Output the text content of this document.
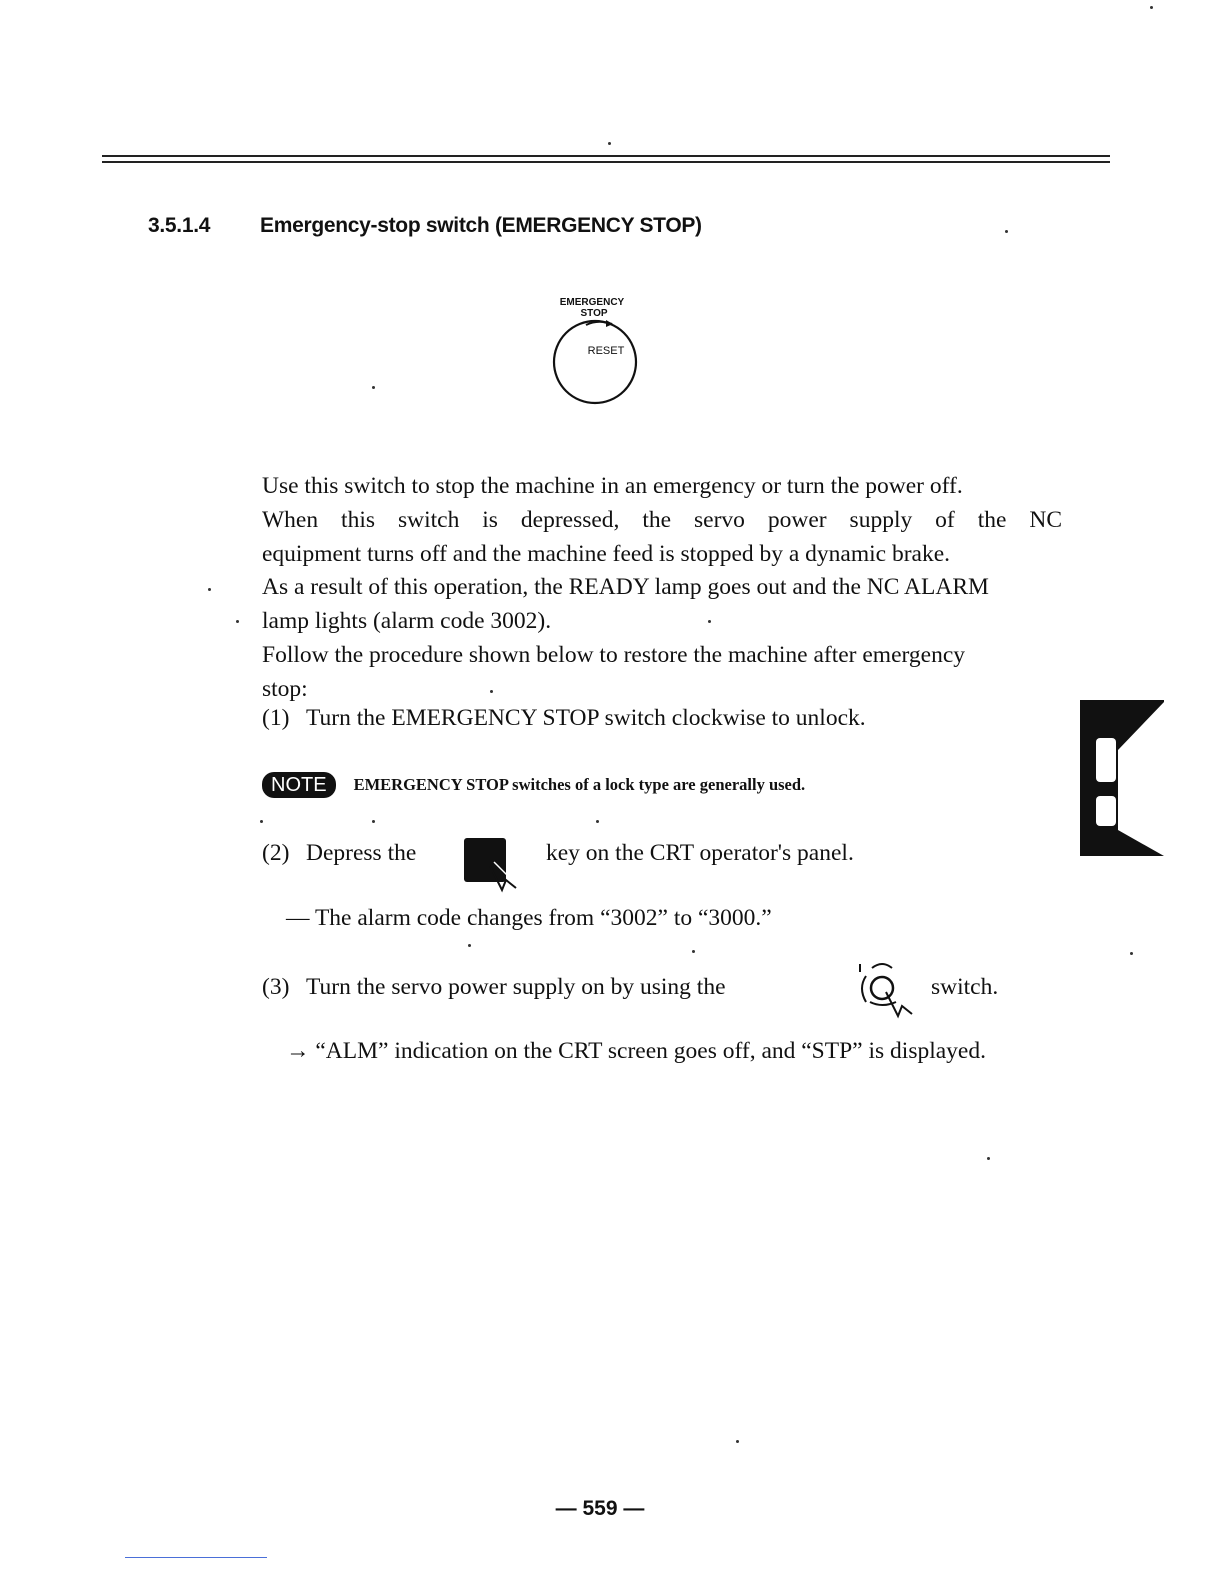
3.5.1.4 Emergency-stop switch (EMERGENCY STOP)
EMERGENCY
STOP
RESET
Use this switch to stop the machine in an emergency or turn the power off.
When this switch is depressed, the servo power supply of the NC
equipment turns off and the machine feed is stopped by a dynamic brake.
As a result of this operation, the READY lamp goes out and the NC ALARM
lamp lights (alarm code 3002).
Follow the procedure shown below to restore the machine after emergency
stop:
(1) Turn the EMERGENCY STOP switch clockwise to unlock.
NOTE EMERGENCY STOP switches of a lock type are generally used.
(2) Depress the	key on the CRT operator's panel.
— The alarm code changes from “3002” to “3000.”
(3) Turn the servo power supply on by using the	switch.
→ “ALM” indication on the CRT screen goes off, and “STP” is displayed.
— 559 —
